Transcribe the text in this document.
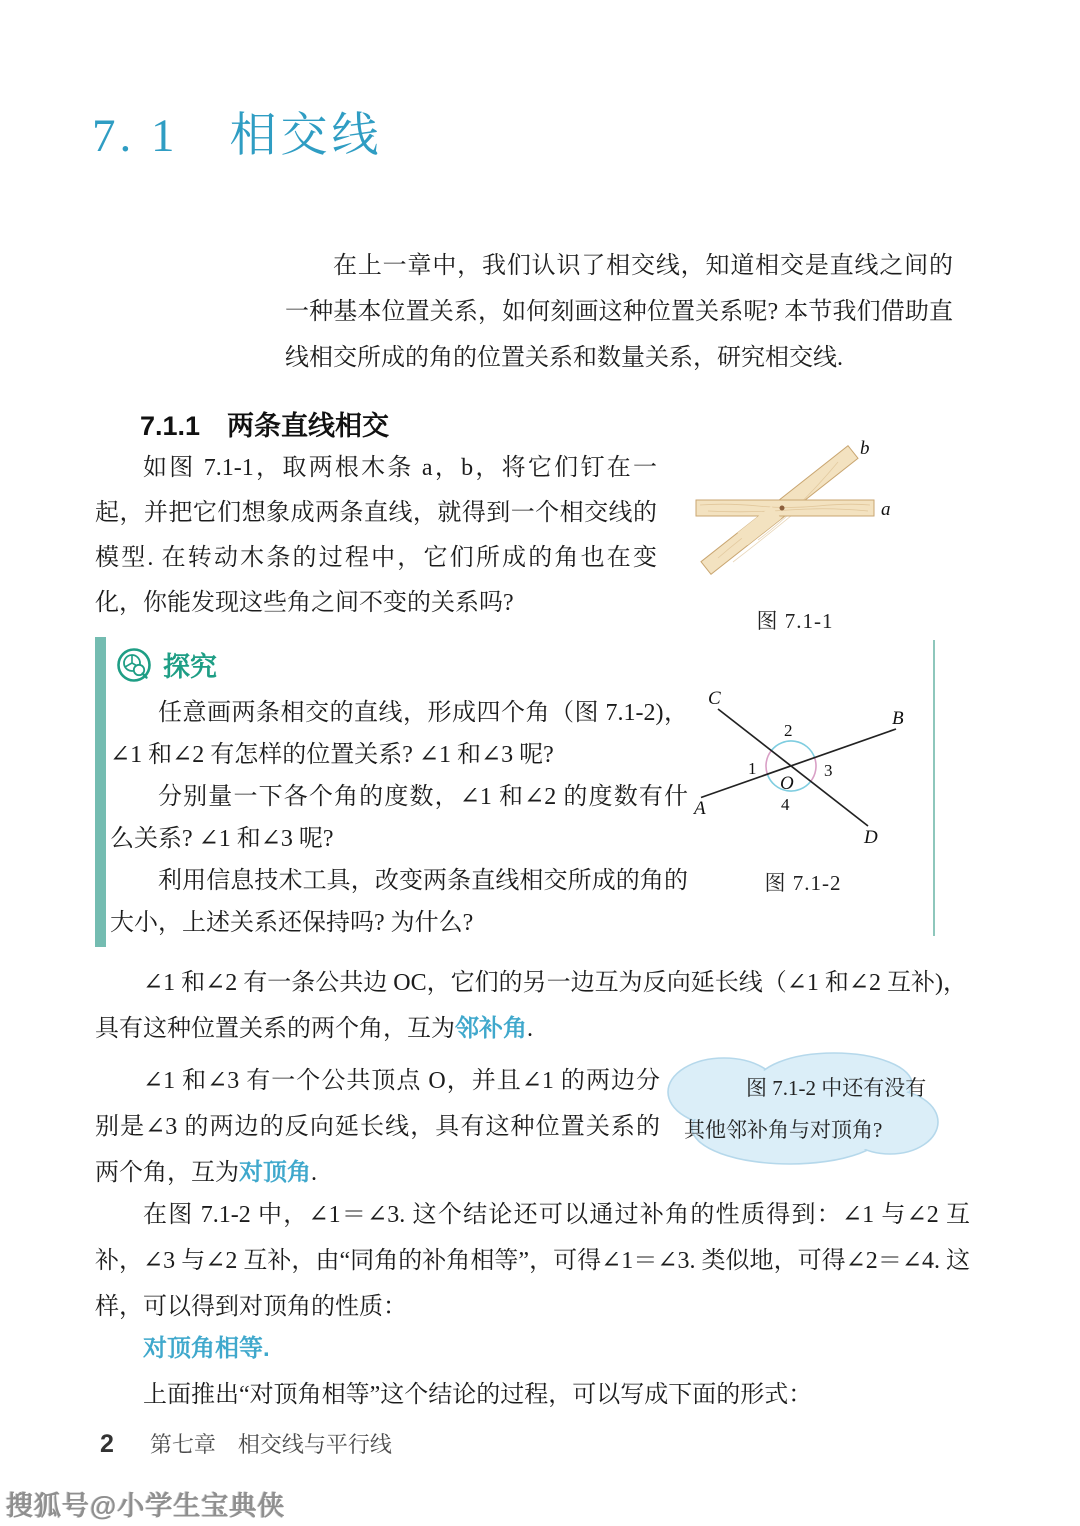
7. 1　相交线
在上一章中，我们认识了相交线，知道相交是直线之间的一种基本位置关系，如何刻画这种位置关系呢? 本节我们借助直线相交所成的角的位置关系和数量关系，研究相交线.
7.1.1　两条直线相交
如图 7.1-1，取两根木条 a，b，将它们钉在一起，并把它们想象成两条直线，就得到一个相交线的模型. 在转动木条的过程中，它们所成的角也在变化，你能发现这些角之间不变的关系吗?
b
a
图 7.1-1
探究

任意画两条相交的直线，形成四个角（图 7.1-2)，∠1 和∠2 有怎样的位置关系? ∠1 和∠3 呢?

分别量一下各个角的度数，∠1 和∠2 的度数有什么关系? ∠1 和∠3 呢?

利用信息技术工具，改变两条直线相交所成的角的大小，上述关系还保持吗? 为什么?

C
B
A
D
O
1
2
3
4
图 7.1-2
∠1 和∠2 有一条公共边 OC，它们的另一边互为反向延长线（∠1 和∠2 互补)，具有这种位置关系的两个角，互为邻补角.
∠1 和∠3 有一个公共顶点 O，并且∠1 的两边分别是∠3 的两边的反向延长线，具有这种位置关系的两个角，互为对顶角.
图 7.1-2 中还有没有
其他邻补角与对顶角?
在图 7.1-2 中，∠1＝∠3. 这个结论还可以通过补角的性质得到：∠1 与∠2 互补，∠3 与∠2 互补，由“同角的补角相等”，可得∠1＝∠3. 类似地，可得∠2＝∠4. 这样，可以得到对顶角的性质：
对顶角相等.
上面推出“对顶角相等”这个结论的过程，可以写成下面的形式：
2 第七章　相交线与平行线
搜狐号@小学生宝典侠
